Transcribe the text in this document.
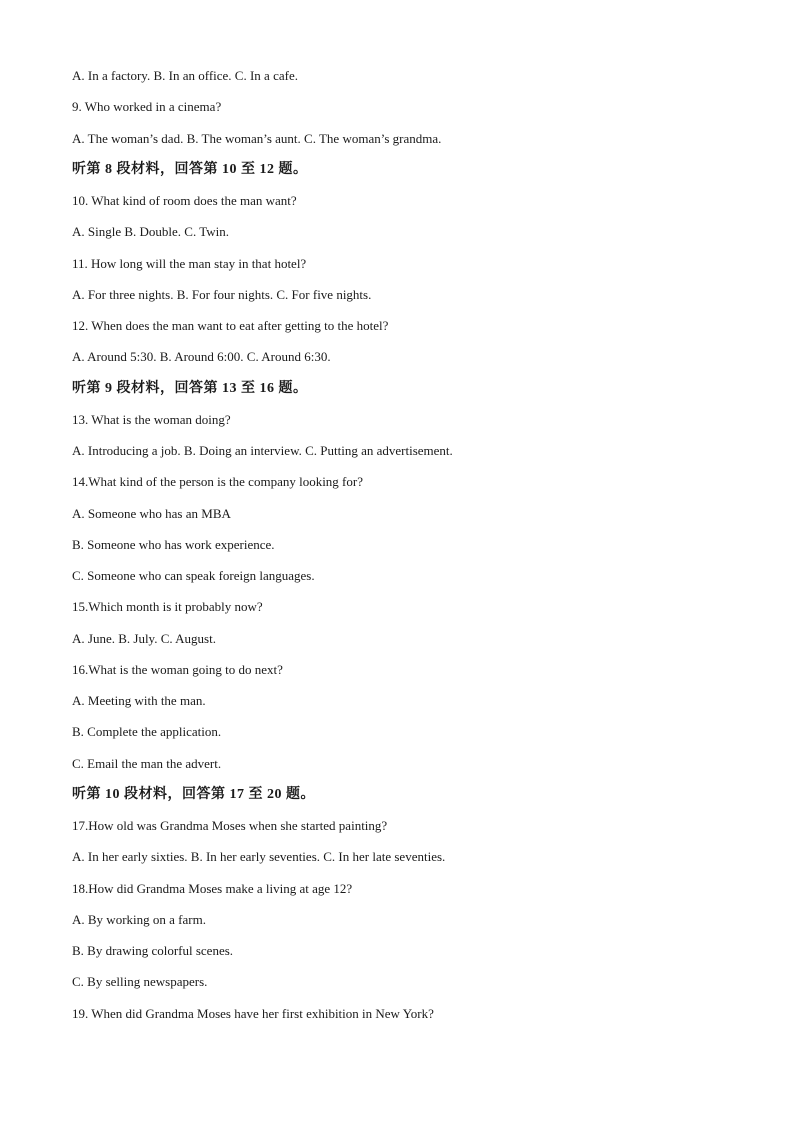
A. In a factory. B. In an office. C. In a cafe.
9. Who worked in a cinema?
A. The woman’s dad. B. The woman’s aunt. C. The woman’s grandma.
听第 8 段材料，回答第 10 至 12 题。
10. What kind of room does the man want?
A. Single B. Double. C. Twin.
11. How long will the man stay in that hotel?
A. For three nights. B. For four nights. C. For five nights.
12. When does the man want to eat after getting to the hotel?
A. Around 5:30. B. Around 6:00. C. Around 6:30.
听第 9 段材料，回答第 13 至 16 题。
13. What is the woman doing?
A. Introducing a job. B. Doing an interview. C. Putting an advertisement.
14.What kind of the person is the company looking for?
A. Someone who has an MBA
B. Someone who has work experience.
C. Someone who can speak foreign languages.
15.Which month is it probably now?
A. June. B. July. C. August.
16.What is the woman going to do next?
A. Meeting with the man.
B. Complete the application.
C. Email the man the advert.
听第 10 段材料，回答第 17 至 20 题。
17.How old was Grandma Moses when she started painting?
A. In her early sixties. B. In her early seventies. C. In her late seventies.
18.How did Grandma Moses make a living at age 12?
A. By working on a farm.
B. By drawing colorful scenes.
C. By selling newspapers.
19. When did Grandma Moses have her first exhibition in New York?
